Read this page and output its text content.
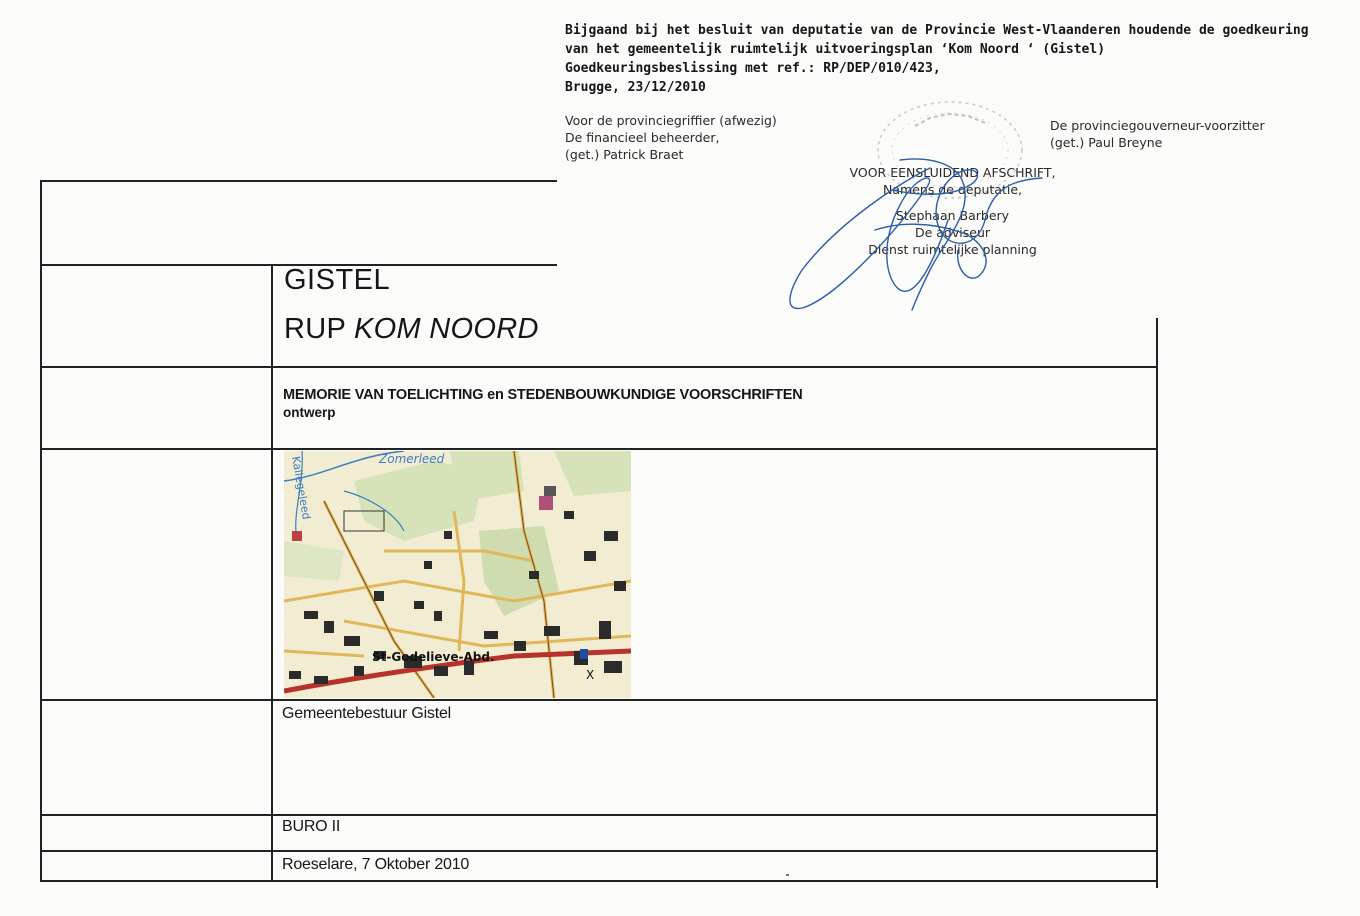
Bijgaand bij het besluit van deputatie van de Provincie West-Vlaanderen houdende de goedkeuring
van het gemeentelijk ruimtelijk uitvoeringsplan ‘Kom Noord ‘ (Gistel)
Goedkeuringsbeslissing met ref.: RP/DEP/010/423,
Brugge, 23/12/2010
Voor de provinciegriffier (afwezig)
De financieel beheerder,
(get.) Patrick Braet
De provinciegouverneur-voorzitter
(get.) Paul Breyne
VOOR EENSLUIDEND AFSCHRIFT,
Namens de deputatie,
Stephaan Barbery
De adviseur
Dienst ruimtelijke planning
GISTEL
RUP KOM NOORD
MEMORIE VAN TOELICHTING en STEDENBOUWKUNDIGE VOORSCHRIFTEN
ontwerp
Zomerleed
Kallegeleed
St-Godelieve-Abd.
X
Gemeentebestuur Gistel
BURO II
Roeselare, 7 Oktober 2010
